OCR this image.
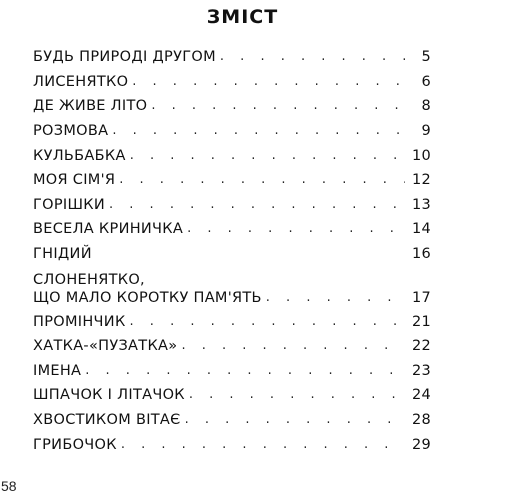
ЗМІСТ
БУДЬ ПРИРОДІ ДРУГОМ . . .	5
ЛИСЕНЯТКО . . .	6
ДЕ ЖИВЕ ЛІТО . . .	8
РОЗМОВА . . .	9
КУЛЬБАБКА . . .	10
МОЯ СІМ'Я . . .	12
ГОРІШКИ . . .	13
ВЕСЕЛА КРИНИЧКА . . .	14
ГНІДИЙ	16
СЛОНЕНЯТКО,
ЩО МАЛО КОРОТКУ ПАМ'ЯТЬ . . .	17
ПРОМІНЧИК . . .	21
ХАТКА-«ПУЗАТКА» . . .	22
ІМЕНА . . .	23
ШПАЧОК І ЛІТАЧОК . . .	24
ХВОСТИКОМ ВІТАЄ . . .	28
ГРИБОЧОК . . .	29
58
